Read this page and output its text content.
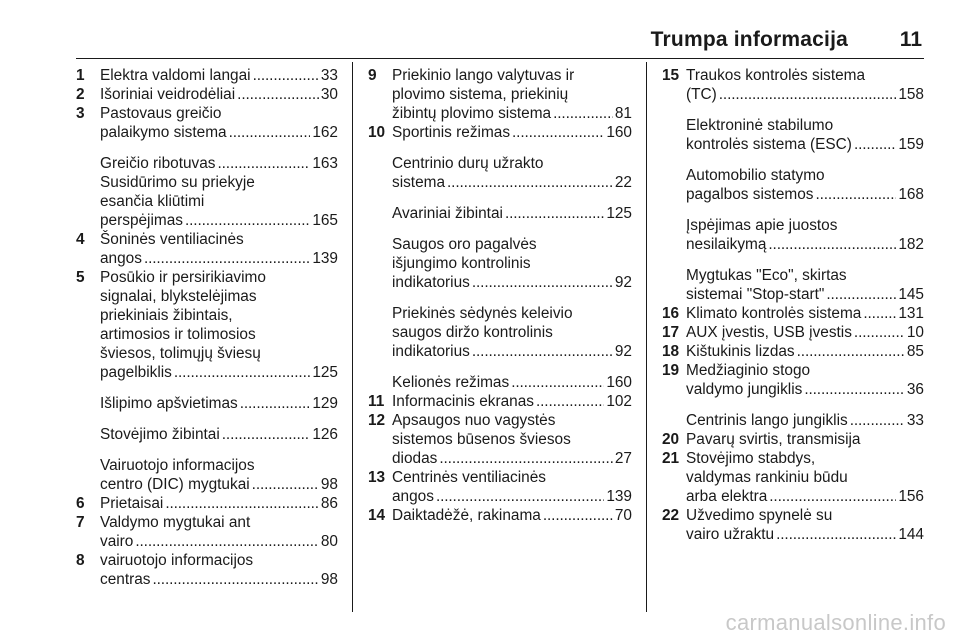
Trumpa informacija 11
1 Elektra valdomi langai . . .	33
2 Išoriniai veidrodėliai . . .	30
3 Pastovaus greičio
palaikymo sistema . . .	162
Greičio ribotuvas . . .	163
Susidūrimo su priekyje
esančia kliūtimi
perspėjimas . . .	165
4 Šoninės ventiliacinės
angos . . .	139
5 Posūkio ir persirikiavimo
signalai, blykstelėjimas
priekiniais žibintais,
artimosios ir tolimosios
šviesos, tolimųjų šviesų
pagelbiklis . . .	125
Išlipimo apšvietimas . . .	129
Stovėjimo žibintai . . .	126
Vairuotojo informacijos
centro (DIC) mygtukai . . .	98
6 Prietaisai . . .	86
7 Valdymo mygtukai ant
vairo . . .	80
8 vairuotojo informacijos
centras . . .	98
9 Priekinio lango valytuvas ir
plovimo sistema, priekinių
žibintų plovimo sistema . . .	81
10 Sportinis režimas . . .	160
Centrinio durų užrakto
sistema . . .	22
Avariniai žibintai . . .	125
Saugos oro pagalvės
išjungimo kontrolinis
indikatorius . . .	92
Priekinės sėdynės keleivio
saugos diržo kontrolinis
indikatorius . . .	92
Kelionės režimas . . .	160
11 Informacinis ekranas . . .	102
12 Apsaugos nuo vagystės
sistemos būsenos šviesos
diodas . . .	27
13 Centrinės ventiliacinės
angos . . .	139
14 Daiktadėžė, rakinama . . .	70
15 Traukos kontrolės sistema
(TC) . . .	158
Elektroninė stabilumo
kontrolės sistema (ESC) . . .	159
Automobilio statymo
pagalbos sistemos . . .	168
Įspėjimas apie juostos
nesilaikymą . . .	182
Mygtukas "Eco", skirtas
sistemai "Stop-start" . . .	145
16 Klimato kontrolės sistema . . . 131
17 AUX įvestis, USB įvestis . . .	10
18 Kištukinis lizdas . . .	85
19 Medžiaginio stogo
valdymo jungiklis . . .	36
Centrinis lango jungiklis . . .	33
20 Pavarų svirtis, transmisija
21 Stovėjimo stabdys,
valdymas rankiniu būdu
arba elektra . . .	156
22 Užvedimo spynelė su
vairo užraktu . . .	144
carmanualsonline.info
